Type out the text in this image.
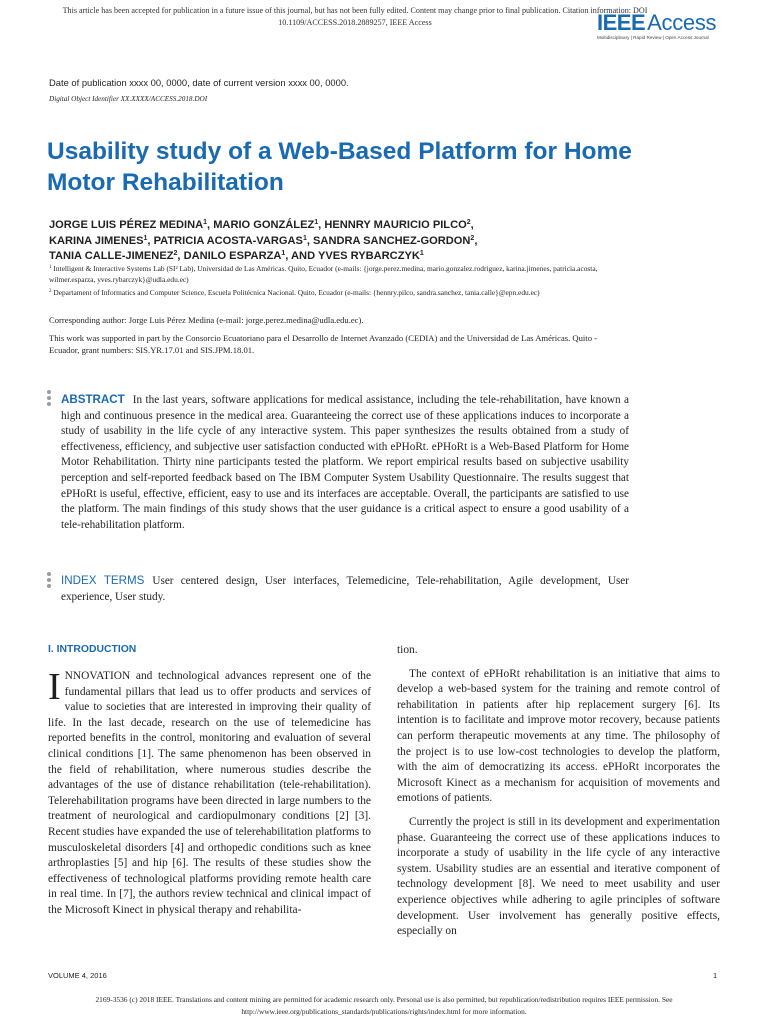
This article has been accepted for publication in a future issue of this journal, but has not been fully edited. Content may change prior to final publication. Citation information: DOI
10.1109/ACCESS.2018.2889257, IEEE Access	IEEEAccess
Multidisciplinary | Rapid Review | Open Access Journal
Date of publication xxxx 00, 0000, date of current version xxxx 00, 0000.
Digital Object Identifier XX.XXXX/ACCESS.2018.DOI
Usability study of a Web-Based Platform for Home Motor Rehabilitation
JORGE LUIS PÉREZ MEDINA$^1$, MARIO GONZÁLEZ$^1$, HENNRY MAURICIO PILCO$^2$,
KARINA JIMENES$^1$, PATRICIA ACOSTA-VARGAS$^1$, SANDRA SANCHEZ-GORDON$^2$,
TANIA CALLE-JIMENEZ$^2$, DANILO ESPARZA$^1$, AND YVES RYBARCZYK$^1$
$^1$ Intelligent & Interactive Systems Lab (SI² Lab), Universidad de Las Américas. Quito, Ecuador (e-mails: {jorge.perez.medina, mario.gonzalez.rodriguez, karina.jimenes, patricia.acosta, wilmer.esparza, yves.rybarczyk}@udla.edu.ec)
$^2$ Departament of Informatics and Computer Science, Escuela Politécnica Nacional. Quito, Ecuador (e-mails: {hennry.pilco, sandra.sanchez, tania.calle}@epn.edu.ec)
Corresponding author: Jorge Luis Pérez Medina (e-mail: jorge.perez.medina@udla.edu.ec).
This work was supported in part by the Consorcio Ecuatoriano para el Desarrollo de Internet Avanzado (CEDIA) and the Universidad de Las Américas. Quito - Ecuador, grant numbers: SIS.YR.17.01 and SIS.JPM.18.01.
ABSTRACT In the last years, software applications for medical assistance, including the tele-rehabilitation, have known a high and continuous presence in the medical area. Guaranteeing the correct use of these applications induces to incorporate a study of usability in the life cycle of any interactive system. This paper synthesizes the results obtained from a study of effectiveness, efficiency, and subjective user satisfaction conducted with ePHoRt. ePHoRt is a Web-Based Platform for Home Motor Rehabilitation. Thirty nine participants tested the platform. We report empirical results based on subjective usability perception and self-reported feedback based on The IBM Computer System Usability Questionnaire. The results suggest that ePHoRt is useful, effective, efficient, easy to use and its interfaces are acceptable. Overall, the participants are satisfied to use the platform. The main findings of this study shows that the user guidance is a critical aspect to ensure a good usability of a tele-rehabilitation platform.
INDEX TERMS User centered design, User interfaces, Telemedicine, Tele-rehabilitation, Agile development, User experience, User study.
I. INTRODUCTION

INNOVATION and technological advances represent one of the fundamental pillars that lead us to offer products and services of value to societies that are interested in improving their quality of life. In the last decade, research on the use of telemedicine has reported benefits in the control, monitoring and evaluation of several clinical conditions [1]. The same phenomenon has been observed in the field of rehabilitation, where numerous studies describe the advantages of the use of distance rehabilitation (tele-rehabilitation). Telerehabilitation programs have been directed in large numbers to the treatment of neurological and cardiopulmonary conditions [2] [3]. Recent studies have expanded the use of telerehabilitation platforms to musculoskeletal disorders [4] and orthopedic conditions such as knee arthroplasties [5] and hip [6]. The results of these studies show the effectiveness of technological platforms providing remote health care in real time. In [7], the authors review technical and clinical impact of the Microsoft Kinect in physical therapy and rehabilita-

tion.

The context of ePHoRt rehabilitation is an initiative that aims to develop a web-based system for the training and remote control of rehabilitation in patients after hip replacement surgery [6]. Its intention is to facilitate and improve motor recovery, because patients can perform therapeutic movements at any time. The philosophy of the project is to use low-cost technologies to develop the platform, with the aim of democratizing its access. ePHoRt incorporates the Microsoft Kinect as a mechanism for acquisition of movements and emotions of patients.

Currently the project is still in its development and experimentation phase. Guaranteeing the correct use of these applications induces to incorporate a study of usability in the life cycle of any interactive system. Usability studies are an essential and iterative component of technology development [8]. We need to meet usability and user experience objectives while adhering to agile principles of software development. User involvement has generally positive effects, especially on

VOLUME 4, 2016	1
2169-3536 (c) 2018 IEEE. Translations and content mining are permitted for academic research only. Personal use is also permitted, but republication/redistribution requires IEEE permission. See
http://www.ieee.org/publications_standards/publications/rights/index.html for more information.
